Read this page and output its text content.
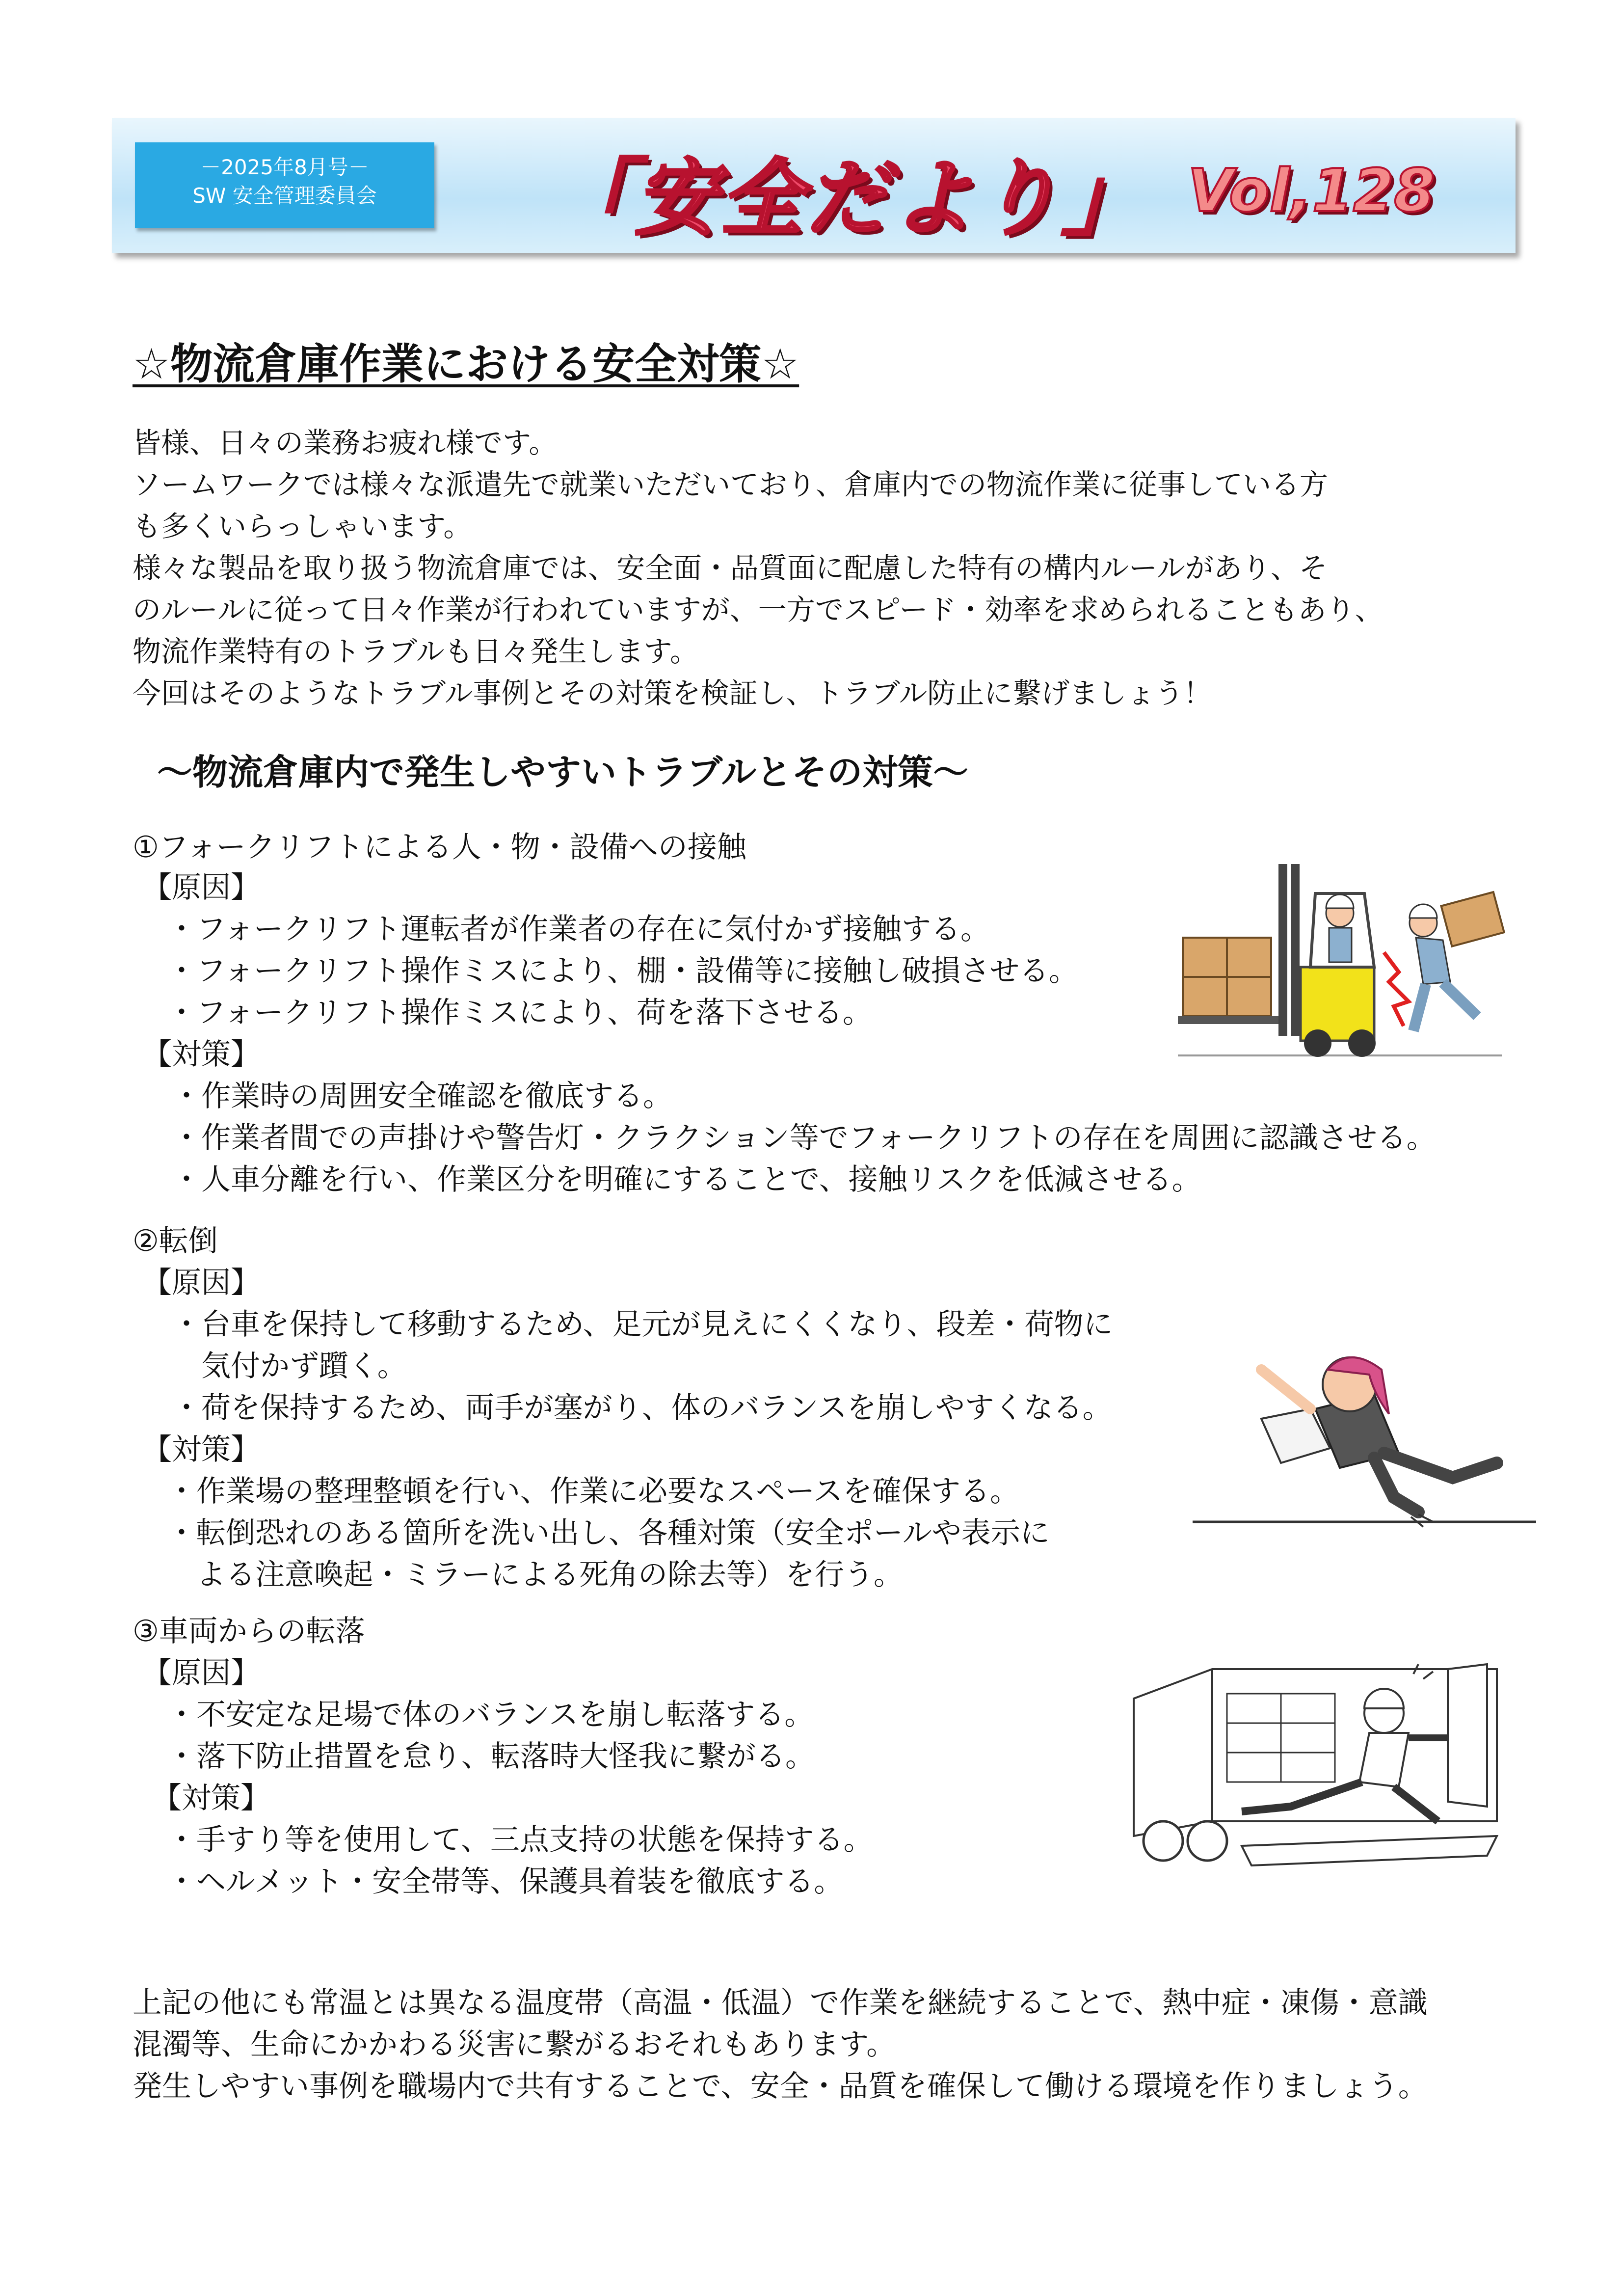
－2025年8月号－
SW 安全管理委員会	「安全だより」 Vol,128
☆物流倉庫作業における安全対策☆
皆様、日々の業務お疲れ様です。
ソームワークでは様々な派遣先で就業いただいており、倉庫内での物流作業に従事している方
も多くいらっしゃいます。
様々な製品を取り扱う物流倉庫では、安全面・品質面に配慮した特有の構内ルールがあり、そ
のルールに従って日々作業が行われていますが、一方でスピード・効率を求められることもあり、
物流作業特有のトラブルも日々発生します。
今回はそのようなトラブル事例とその対策を検証し、トラブル防止に繋げましょう！
～物流倉庫内で発生しやすいトラブルとその対策～
①フォークリフトによる人・物・設備への接触
【原因】
・フォークリフト運転者が作業者の存在に気付かず接触する。
・フォークリフト操作ミスにより、棚・設備等に接触し破損させる。
・フォークリフト操作ミスにより、荷を落下させる。
【対策】
・作業時の周囲安全確認を徹底する。
・作業者間での声掛けや警告灯・クラクション等でフォークリフトの存在を周囲に認識させる。
・人車分離を行い、作業区分を明確にすることで、接触リスクを低減させる。
②転倒
【原因】
・台車を保持して移動するため、足元が見えにくくなり、段差・荷物に
　気付かず躓く。
・荷を保持するため、両手が塞がり、体のバランスを崩しやすくなる。
【対策】
・作業場の整理整頓を行い、作業に必要なスペースを確保する。
・転倒恐れのある箇所を洗い出し、各種対策（安全ポールや表示に
　よる注意喚起・ミラーによる死角の除去等）を行う。
③車両からの転落
【原因】
・不安定な足場で体のバランスを崩し転落する。
・落下防止措置を怠り、転落時大怪我に繋がる。
【対策】
・手すり等を使用して、三点支持の状態を保持する。
・ヘルメット・安全帯等、保護具着装を徹底する。
上記の他にも常温とは異なる温度帯（高温・低温）で作業を継続することで、熱中症・凍傷・意識
混濁等、生命にかかわる災害に繋がるおそれもあります。
発生しやすい事例を職場内で共有することで、安全・品質を確保して働ける環境を作りましょう。
